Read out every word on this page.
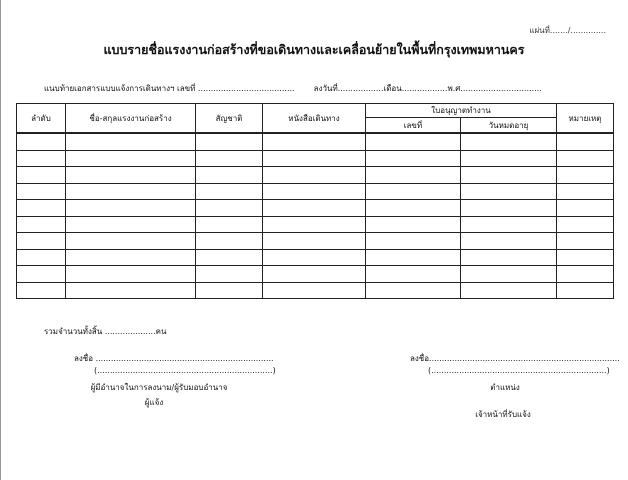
แผ่นที่......./..............
แบบรายชื่อแรงงานก่อสร้างที่ขอเดินทางและเคลื่อนย้ายในพื้นที่กรุงเทพมหานคร
แนบท้ายเอกสารแบบแจ้งการเดินทางฯ เลขที่ ...................................... ลงวันที่..................เดือน..................พ.ศ................................
ลำดับ	ชื่อ-สกุลแรงงานก่อสร้าง	สัญชาติ	หนังสือเดินทาง	ใบอนุญาตทำงาน		หมายเหตุ
				เลขที่	วันหมดอายุ	

รวมจำนวนทั้งสิ้น ....................คน
ลงชื่อ ......................................................................
(.....................................................................)
ผู้มีอำนาจในการลงนาม/ผู้รับมอบอำนาจ
ผู้แจ้ง
ลงชื่อ...........................................................................
(.....................................................................)
ตำแหน่ง
เจ้าหน้าที่รับแจ้ง
